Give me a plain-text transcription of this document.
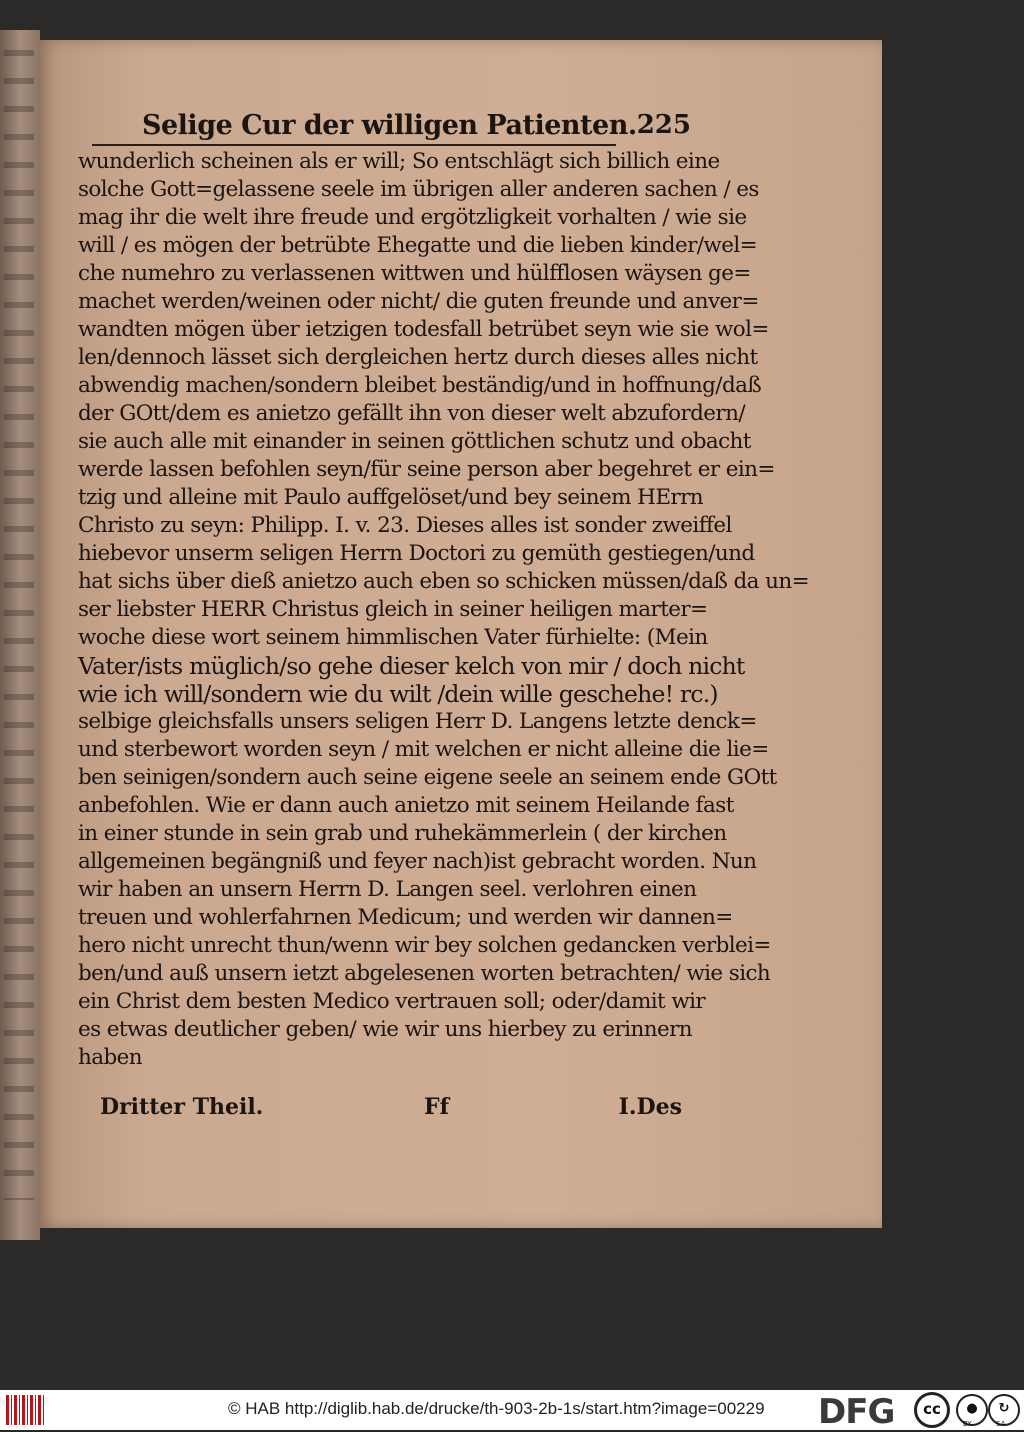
Selige Cur der willigen Patienten. 225
wunderlich scheinen als er will; So entschlägt sich billich eine
solche Gott=gelassene seele im übrigen aller anderen sachen / es
mag ihr die welt ihre freude und ergötzligkeit vorhalten / wie sie
will / es mögen der betrübte Ehegatte und die lieben kinder/wel=
che numehro zu verlassenen wittwen und hülfflosen wäysen ge=
machet werden/weinen oder nicht/ die guten freunde und anver=
wandten mögen über ietzigen todesfall betrübet seyn wie sie wol=
len/dennoch lässet sich dergleichen hertz durch dieses alles nicht
abwendig machen/sondern bleibet beständig/und in hoffnung/daß
der GOtt/dem es anietzo gefällt ihn von dieser welt abzufordern/
sie auch alle mit einander in seinen göttlichen schutz und obacht
werde lassen befohlen seyn/für seine person aber begehret er ein=
tzig und alleine mit Paulo auffgelöset/und bey seinem HErrn
Christo zu seyn: Philipp. I. v. 23. Dieses alles ist sonder zweiffel
hiebevor unserm seligen Herrn Doctori zu gemüth gestiegen/und
hat sichs über dieß anietzo auch eben so schicken müssen/daß da un=
ser liebster HERR Christus gleich in seiner heiligen marter=
woche diese wort seinem himmlischen Vater fürhielte: (Mein
Vater/ists müglich/so gehe dieser kelch von mir / doch nicht
wie ich will/sondern wie du wilt /dein wille geschehe! rc.)
selbige gleichsfalls unsers seligen Herr D. Langens letzte denck=
und sterbewort worden seyn / mit welchen er nicht alleine die lie=
ben seinigen/sondern auch seine eigene seele an seinem ende GOtt
anbefohlen. Wie er dann auch anietzo mit seinem Heilande fast
in einer stunde in sein grab und ruhekämmerlein ( der kirchen
allgemeinen begängniß und feyer nach)ist gebracht worden. Nun
wir haben an unsern Herrn D. Langen seel. verlohren einen
treuen und wohlerfahrnen Medicum; und werden wir dannen=
hero nicht unrecht thun/wenn wir bey solchen gedancken verblei=
ben/und auß unsern ietzt abgelesenen worten betrachten/ wie sich
ein Christ dem besten Medico vertrauen soll; oder/damit wir
es etwas deutlicher geben/ wie wir uns hierbey zu erinnern
haben
Dritter Theil.	Ff	I.Des
© HAB http://diglib.hab.de/drucke/th-903-2b-1s/start.htm?image=00229 DFG	cc	●	↻
BY	SA
